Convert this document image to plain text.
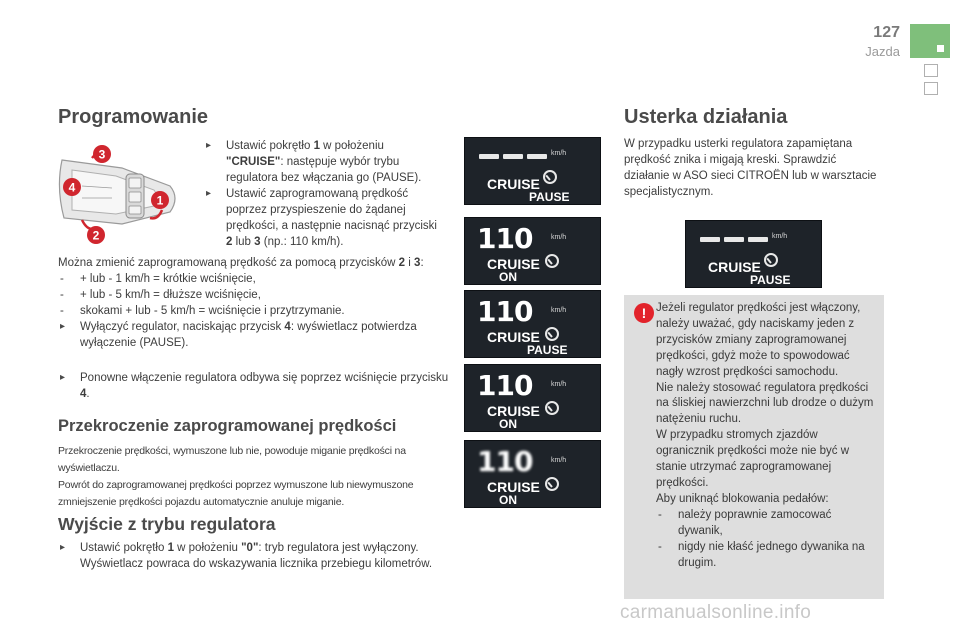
127
Jazda
Programowanie
3
4
1
2
▸ Ustawić pokrętło 1 w położeniu "CRUISE": następuje wybór trybu regulatora bez włączania go (PAUSE).
▸ Ustawić zaprogramowaną prędkość poprzez przyspieszenie do żądanej prędkości, a następnie nacisnąć przyciski 2 lub 3 (np.: 110 km/h).
Można zmienić zaprogramowaną prędkość za pomocą przycisków 2 i 3:
- + lub - 1 km/h = krótkie wciśnięcie,
- + lub - 5 km/h = dłuższe wciśnięcie,
- skokami + lub - 5 km/h = wciśnięcie i przytrzymanie.
▸ Wyłączyć regulator, naciskając przycisk 4: wyświetlacz potwierdza wyłączenie (PAUSE).
▸ Ponowne włączenie regulatora odbywa się poprzez wciśnięcie przycisku 4.
Przekroczenie zaprogramowanej prędkości
Przekroczenie prędkości, wymuszone lub nie, powoduje miganie prędkości na wyświetlaczu.
Powrót do zaprogramowanej prędkości poprzez wymuszone lub niewymuszone zmniejszenie prędkości pojazdu automatycznie anuluje miganie.
Wyjście z trybu regulatora
▸ Ustawić pokrętło 1 w położeniu "0": tryb regulatora jest wyłączony. Wyświetlacz powraca do wskazywania licznika przebiegu kilometrów.
km/h
CRUISE
PAUSE
110	km/h
CRUISE
ON
110	km/h
CRUISE
PAUSE
110	km/h
CRUISE
ON
110	km/h
CRUISE
ON
Usterka działania
W przypadku usterki regulatora zapamiętana prędkość znika i migają kreski. Sprawdzić działanie w ASO sieci CITROËN lub w warsztacie specjalistycznym.
km/h
CRUISE
PAUSE
! Jeżeli regulator prędkości jest włączony, należy uważać, gdy naciskamy jeden z przycisków zmiany zaprogramowanej prędkości, gdyż może to spowodować nagły wzrost prędkości samochodu.
Nie należy stosować regulatora prędkości na śliskiej nawierzchni lub drodze o dużym natężeniu ruchu.
W przypadku stromych zjazdów ogranicznik prędkości może nie być w stanie utrzymać zaprogramowanej prędkości.
Aby uniknąć blokowania pedałów:
- należy poprawnie zamocować dywanik,
- nigdy nie kłaść jednego dywanika na drugim.
carmanualsonline.info
